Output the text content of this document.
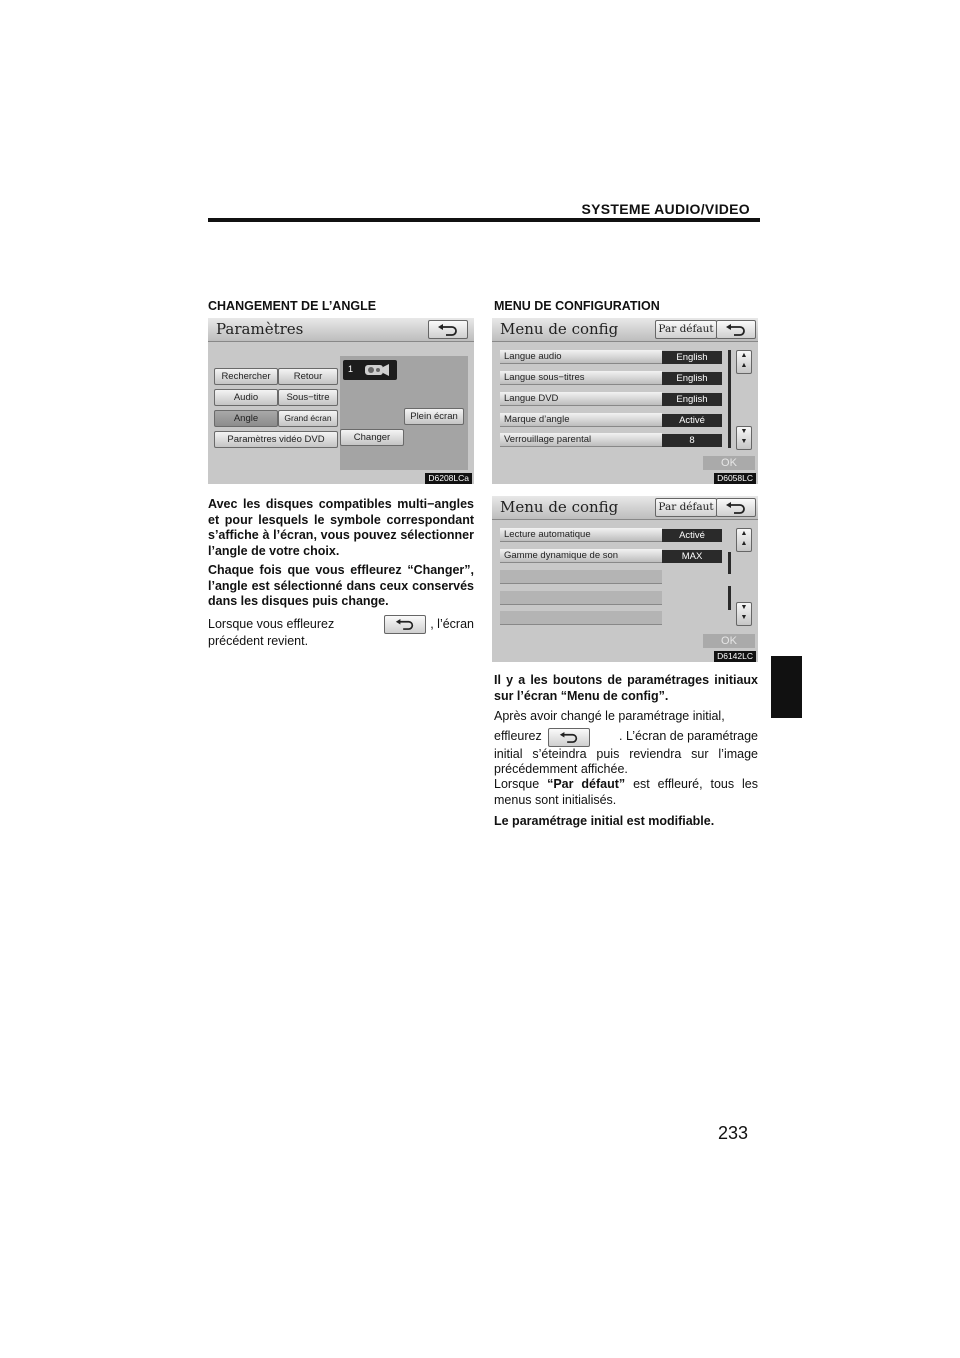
SYSTEME AUDIO/VIDEO
233
CHANGEMENT DE L’ANGLE
Paramètres
Rechercher	Retour
Audio	Sous−titre
Angle	Grand écran
Paramètres vidéo DVD
1
Plein écran
Changer
D6208LCa
Avec les disques compatibles multi−angles et pour lesquels le symbole correspondant s’affiche à l’écran, vous pouvez sélectionner l’angle de votre choix.
Chaque fois que vous effleurez “Changer”, l’angle est sélectionné dans ceux conservés dans les disques puis change.
Lorsque vous effleurez	, l’écran
précédent revient.
MENU DE CONFIGURATION
Menu de config	Par défaut
Langue audio	English
Langue sous−titres	English
Langue DVD	English
Marque d’angle	Activé
Verrouillage parental	8
▲
▲
▼
▼
OK
D6058LC
Menu de config	Par défaut
Lecture automatique	Activé
Gamme dynamique de son	MAX
▲
▲
▼
▼
OK
D6142LC
Il y a les boutons de paramétrages initiaux sur l’écran “Menu de config”.
Après avoir changé le paramétrage initial,
effleurez	. L’écran de paramétrage
initial s’éteindra puis reviendra sur l’image précédemment affichée.
Lorsque “Par défaut” est effleuré, tous les menus sont initialisés.
Le paramétrage initial est modifiable.
